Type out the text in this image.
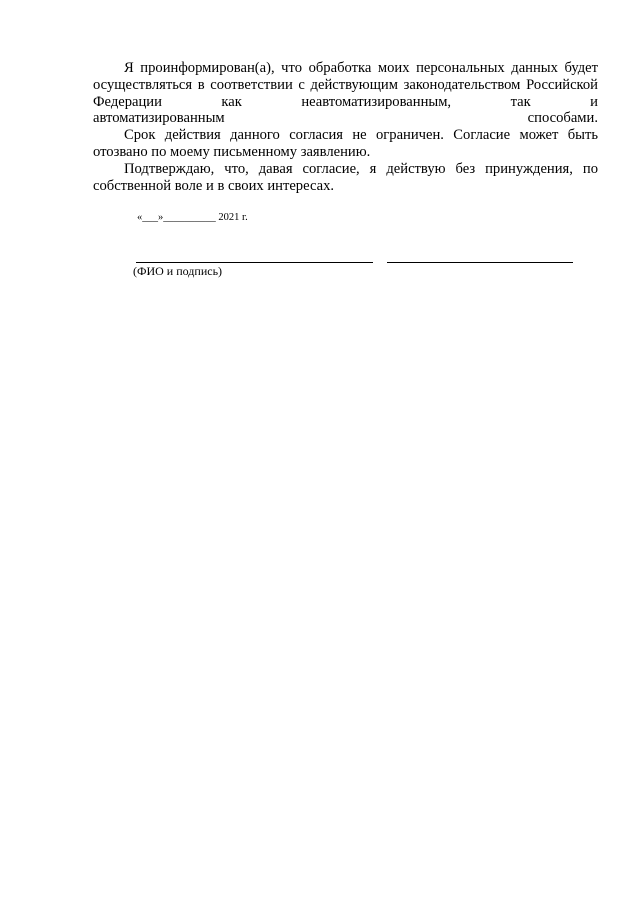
Я проинформирован(а), что обработка моих персональных данных будет осуществляться в соответствии с действующим законодательством Российской Федерации как неавтоматизированным, так и
автоматизированным способами.

Срок действия данного согласия не ограничен. Согласие может быть отозвано по моему письменному заявлению.

Подтверждаю, что, давая согласие, я действую без принуждения, по собственной воле и в своих интересах.

«___»__________ 2021 г.
(ФИО и подпись)
